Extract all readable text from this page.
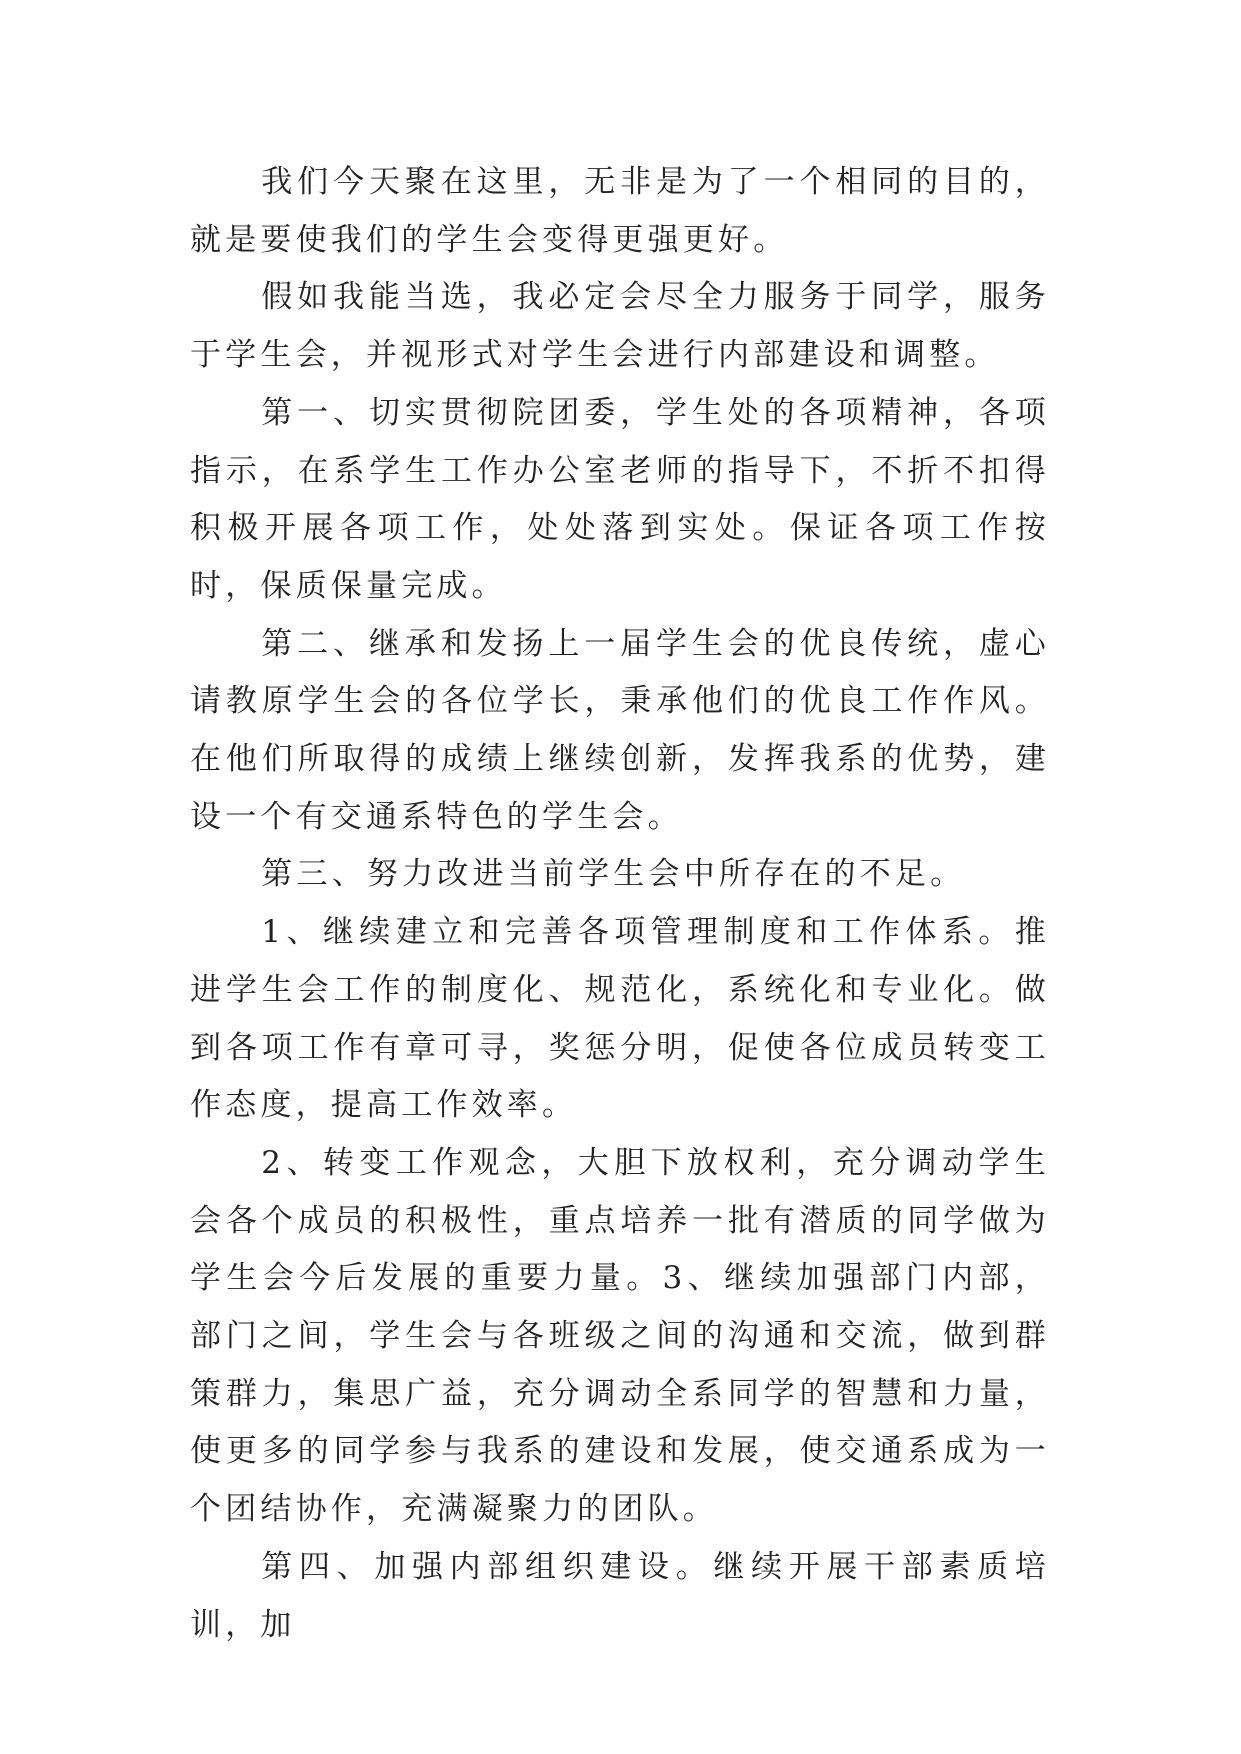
我们今天聚在这里，无非是为了一个相同的目的，就是要使我们的学生会变得更强更好。

假如我能当选，我必定会尽全力服务于同学，服务于学生会，并视形式对学生会进行内部建设和调整。

第一、切实贯彻院团委，学生处的各项精神，各项指示，在系学生工作办公室老师的指导下，不折不扣得积极开展各项工作，处处落到实处。保证各项工作按时，保质保量完成。

第二、继承和发扬上一届学生会的优良传统，虚心请教原学生会的各位学长，秉承他们的优良工作作风。在他们所取得的成绩上继续创新，发挥我系的优势，建设一个有交通系特色的学生会。

第三、努力改进当前学生会中所存在的不足。

1、继续建立和完善各项管理制度和工作体系。推进学生会工作的制度化、规范化，系统化和专业化。做到各项工作有章可寻，奖惩分明，促使各位成员转变工作态度，提高工作效率。

2、转变工作观念，大胆下放权利，充分调动学生会各个成员的积极性，重点培养一批有潜质的同学做为学生会今后发展的重要力量。3、继续加强部门内部，部门之间，学生会与各班级之间的沟通和交流，做到群策群力，集思广益，充分调动全系同学的智慧和力量，使更多的同学参与我系的建设和发展，使交通系成为一个团结协作，充满凝聚力的团队。

第四、加强内部组织建设。继续开展干部素质培训，加
